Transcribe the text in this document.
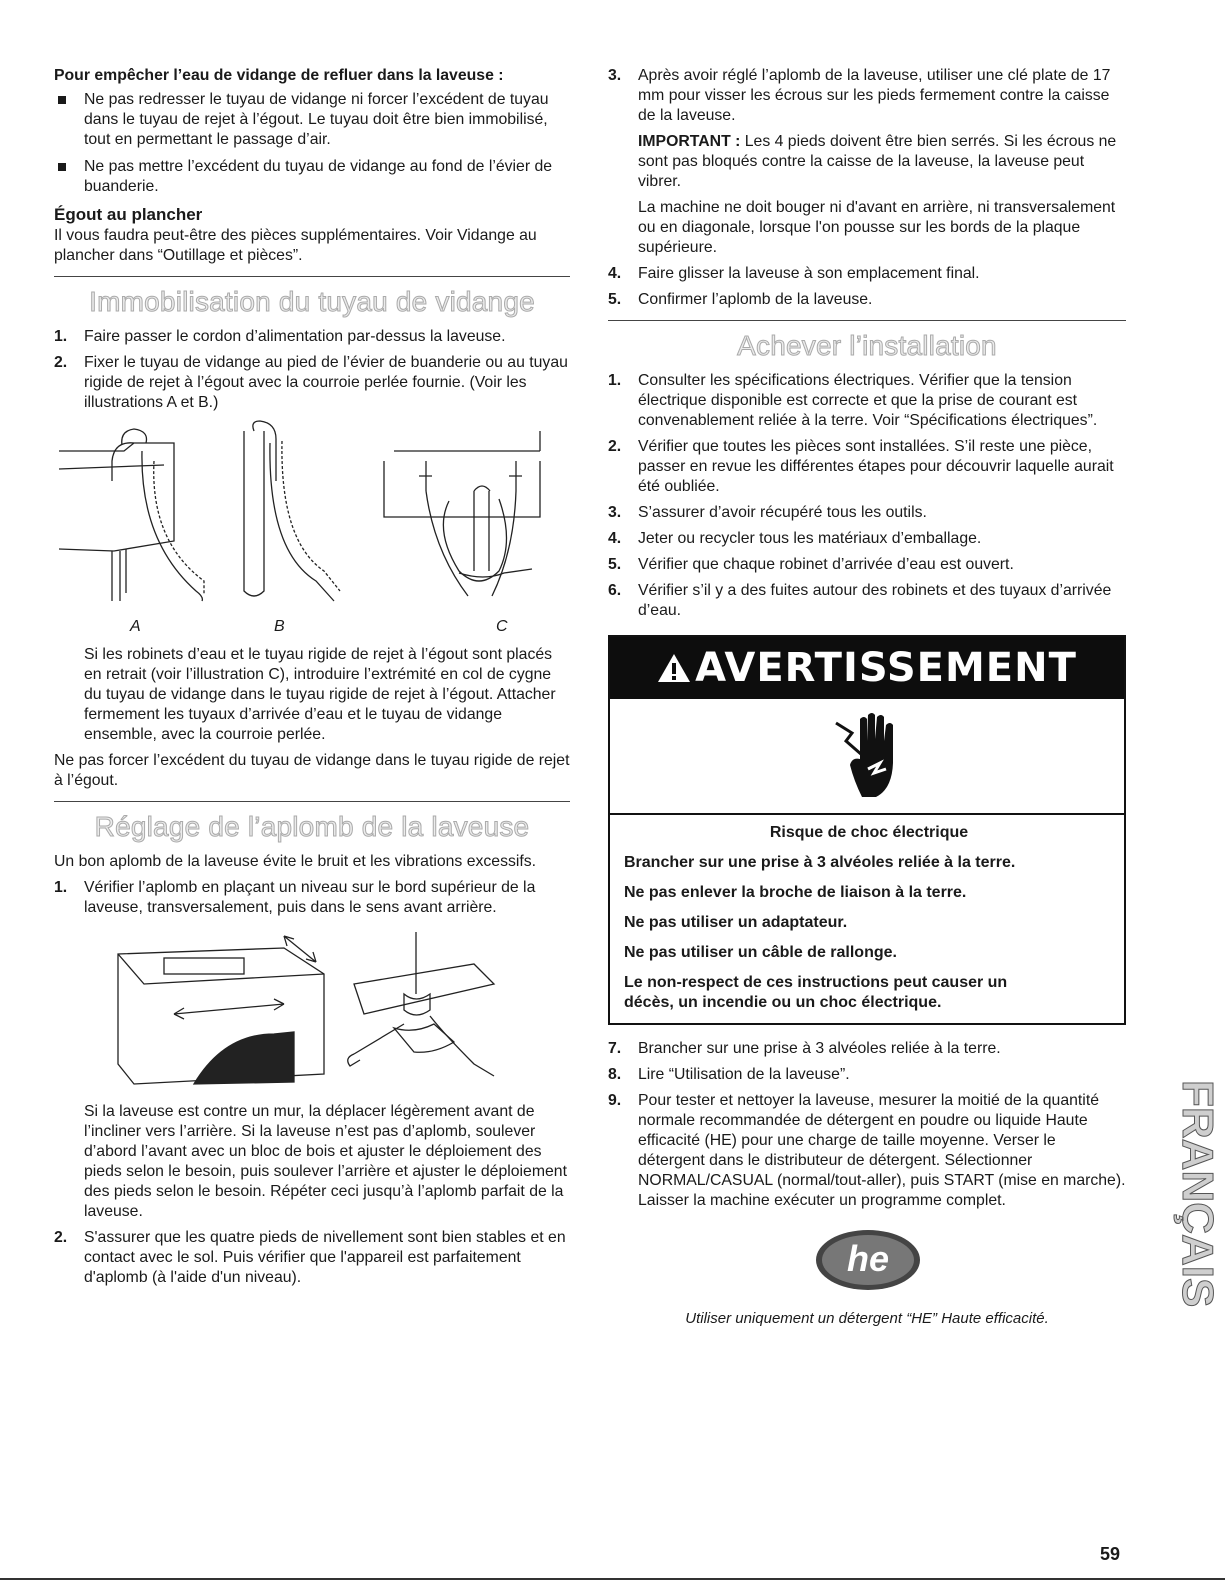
Pour empêcher l’eau de vidange de refluer dans la laveuse :

Ne pas redresser le tuyau de vidange ni forcer l’excédent de tuyau dans le tuyau de rejet à l’égout. Le tuyau doit être bien immobilisé, tout en permettant le passage d’air.
Ne pas mettre l’excédent du tuyau de vidange au fond de l’évier de buanderie.

Égout au plancher

Il vous faudra peut-être des pièces supplémentaires. Voir Vidange au plancher dans “Outillage et pièces”.

Immobilisation du tuyau de vidange
1. Faire passer le cordon d’alimentation par-dessus la laveuse.
2. Fixer le tuyau de vidange au pied de l’évier de buanderie ou au tuyau rigide de rejet à l’égout avec la courroie perlée fournie. (Voir les illustrations A et B.)
A	B	C

Si les robinets d’eau et le tuyau rigide de rejet à l’égout sont placés en retrait (voir l’illustration C), introduire l’extrémité en col de cygne du tuyau de vidange dans le tuyau rigide de rejet à l’égout. Attacher fermement les tuyaux d’arrivée d’eau et le tuyau de vidange ensemble, avec la courroie perlée.

Ne pas forcer l’excédent du tuyau de vidange dans le tuyau rigide de rejet à l’égout.

Réglage de l’aplomb de la laveuse

Un bon aplomb de la laveuse évite le bruit et les vibrations excessifs.

1. Vérifier l’aplomb en plaçant un niveau sur le bord supérieur de la laveuse, transversalement, puis dans le sens avant arrière.

Si la laveuse est contre un mur, la déplacer légèrement avant de l’incliner vers l’arrière. Si la laveuse n’est pas d’aplomb, soulever d’abord l’avant avec un bloc de bois et ajuster le déploiement des pieds selon le besoin, puis soulever l’arrière et ajuster le déploiement des pieds selon le besoin. Répéter ceci jusqu’à l’aplomb parfait de la laveuse.

2. S'assurer que les quatre pieds de nivellement sont bien stables et en contact avec le sol. Puis vérifier que l'appareil est parfaitement d'aplomb (à l'aide d'un niveau).
3. Après avoir réglé l’aplomb de la laveuse, utiliser une clé plate de 17 mm pour visser les écrous sur les pieds fermement contre la caisse de la laveuse.

IMPORTANT : Les 4 pieds doivent être bien serrés. Si les écrous ne sont pas bloqués contre la caisse de la laveuse, la laveuse peut vibrer.

La machine ne doit bouger ni d'avant en arrière, ni transversalement ou en diagonale, lorsque l'on pousse sur les bords de la plaque supérieure.

4. Faire glisser la laveuse à son emplacement final.
5. Confirmer l’aplomb de la laveuse.
Achever l’installation
1. Consulter les spécifications électriques. Vérifier que la tension électrique disponible est correcte et que la prise de courant est convenablement reliée à la terre. Voir “Spécifications électriques”.
2. Vérifier que toutes les pièces sont installées. S’il reste une pièce, passer en revue les différentes étapes pour découvrir laquelle aurait été oubliée.
3. S’assurer d’avoir récupéré tous les outils.
4. Jeter ou recycler tous les matériaux d’emballage.
5. Vérifier que chaque robinet d’arrivée d’eau est ouvert.
6. Vérifier s’il y a des fuites autour des robinets et des tuyaux d’arrivée d’eau.
AVERTISSEMENT
Risque de choc électrique
Brancher sur une prise à 3 alvéoles reliée à la terre.
Ne pas enlever la broche de liaison à la terre.
Ne pas utiliser un adaptateur.
Ne pas utiliser un câble de rallonge.
Le non-respect de ces instructions peut causer un décès, un incendie ou un choc électrique.
7. Brancher sur une prise à 3 alvéoles reliée à la terre.
8. Lire “Utilisation de la laveuse”.
9. Pour tester et nettoyer la laveuse, mesurer la moitié de la quantité normale recommandée de détergent en poudre ou liquide Haute efficacité (HE) pour une charge de taille moyenne. Verser le détergent dans le distributeur de détergent. Sélectionner NORMAL/CASUAL (normal/tout-aller), puis START (mise en marche). Laisser la machine exécuter un programme complet.
he
Utiliser uniquement un détergent “HE” Haute efficacité.
FRANÇAIS
59
